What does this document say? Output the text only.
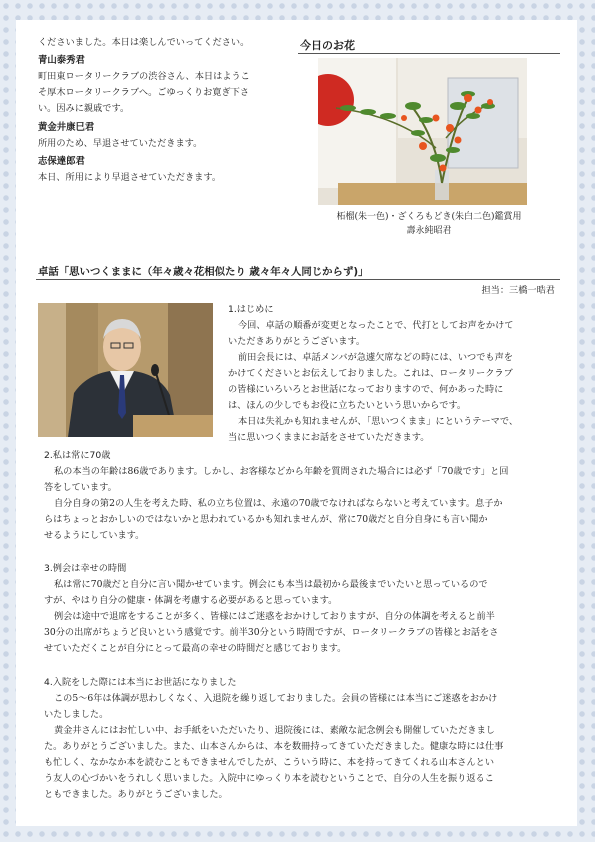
くださいました。本日は楽しんでいってください。

青山泰秀君

町田東ロータリークラブの渋谷さん、本日はようこ

そ厚木ロータリークラブへ。ごゆっくりお寛ぎ下さ

い。因みに親戚です。

黄金井康巳君

所用のため、早退させていただきます。

志保達郎君

本日、所用により早退させていただきます。

今日のお花
柘榴(朱一色)・ざくろもどき(朱白二色)鑑賞用
壽永純昭君
卓話「思いつくままに（年々歳々花相似たり 歳々年々人同じからず)」

担当：三橋一晧君

1.はじめに

今回、卓話の順番が変更となったことで、代打としてお声をかけて

いただきありがとうございます。

前田会長には、卓話メンバが急遽欠席などの時には、いつでも声を

かけてくださいとお伝えしておりました。これは、ロータリークラブ

の皆様にいろいろとお世話になっておりますので、何かあった時に

は、ほんの少しでもお役に立ちたいという思いからです。

本日は失礼かも知れませんが、「思いつくまま」にというテーマで、

当に思いつくままにお話をさせていただきます。

2.私は常に70歳

私の本当の年齢は86歳であります。しかし、お客様などから年齢を質問された場合には必ず「70歳です」と回

答をしています。

自分自身の第2の人生を考えた時、私の立ち位置は、永遠の70歳でなければならないと考えています。息子か

らはちょっとおかしいのではないかと思われているかも知れませんが、常に70歳だと自分自身にも言い聞か

せるようにしています。

3.例会は幸せの時間

私は常に70歳だと自分に言い聞かせています。例会にも本当は最初から最後までいたいと思っているので

すが、やはり自分の健康・体調を考慮する必要があると思っています。

例会は途中で退席をすることが多く、皆様にはご迷惑をおかけしておりますが、自分の体調を考えると前半

30分の出席がちょうど良いという感覚です。前半30分という時間ですが、ロータリークラブの皆様とお話をさ

せていただくことが自分にとって最高の幸せの時間だと感じております。

4.入院をした際には本当にお世話になりました

この5～6年は体調が思わしくなく、入退院を繰り返しておりました。会員の皆様には本当にご迷惑をおかけ

いたしました。

黄金井さんにはお忙しい中、お手紙をいただいたり、退院後には、素敵な記念例会も開催していただきまし

た。ありがとうございました。また、山本さんからは、本を数冊持ってきていただきました。健康な時には仕事

も忙しく、なかなか本を読むこともできませんでしたが、こういう時に、本を持ってきてくれる山本さんとい

う友人の心づかいをうれしく思いました。入院中にゆっくり本を読むということで、自分の人生を振り返るこ

ともできました。ありがとうございました。
